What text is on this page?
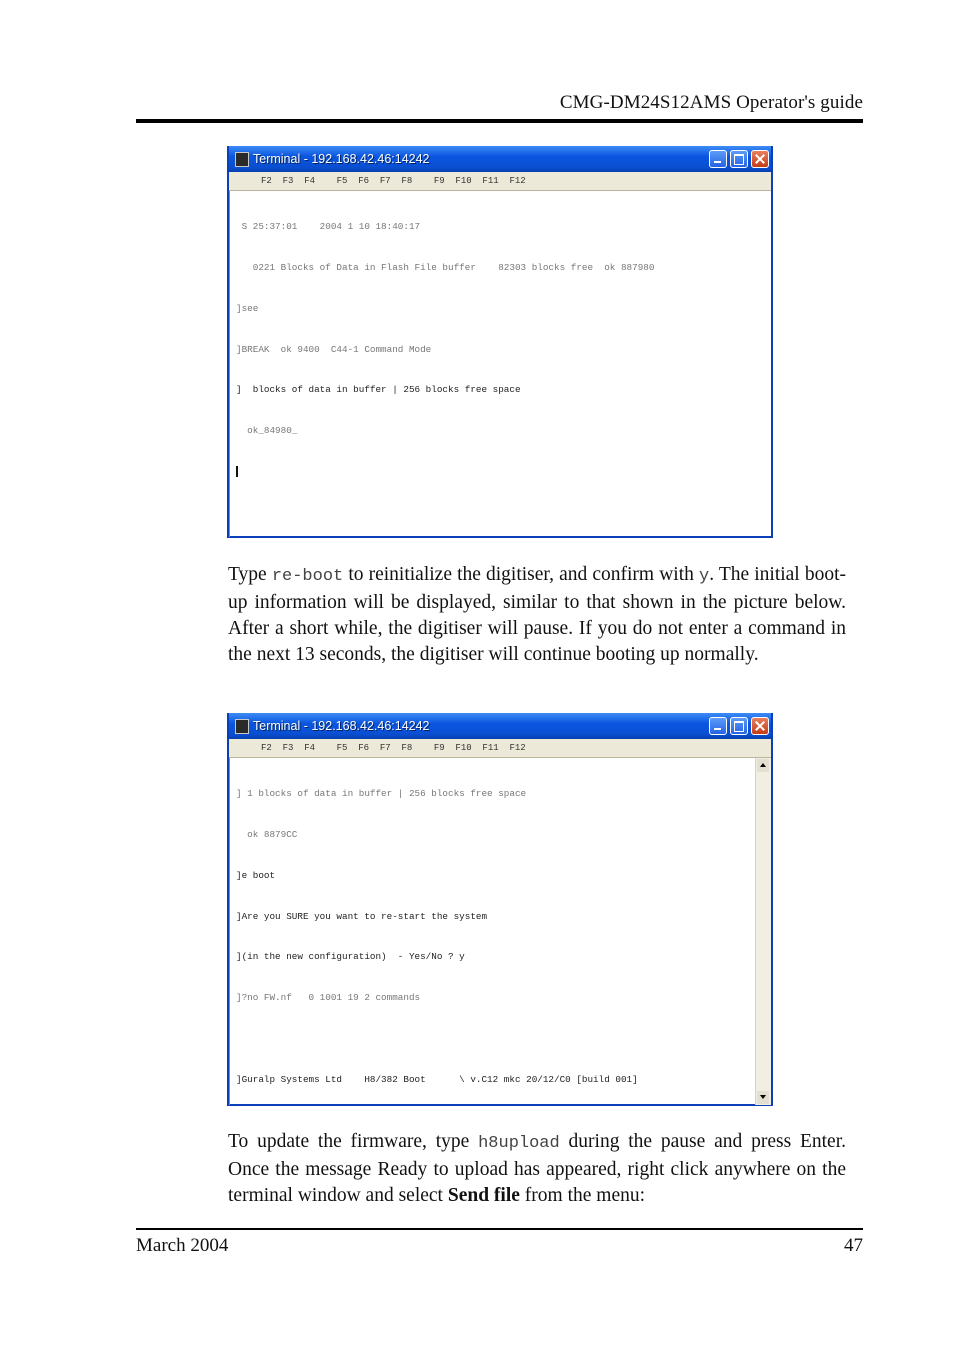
CMG-DM24S12AMS Operator's guide
Terminal - 192.168.42.46:14242
F2  F3  F4    F5  F6  F7  F8    F9  F10  F11  F12

S 25:37:01    2004 1 10 18:40:17

0221 Blocks of Data in Flash File buffer    82303 blocks free  ok 887980

]see

]BREAK  ok 9400  C44-1 Command Mode

]  blocks of data in buffer | 256 blocks free space

ok_84980_

Type re-boot to reinitialize the digitiser, and confirm with y. The initial boot-up information will be displayed, similar to that shown in the picture below. After a short while, the digitiser will pause. If you do not enter a command in the next 13 seconds, the digitiser will continue booting up normally.
Terminal - 192.168.42.46:14242
F2  F3  F4    F5  F6  F7  F8    F9  F10  F11  F12

] 1 blocks of data in buffer | 256 blocks free space

ok 8879CC

]e boot

]Are you SURE you want to re-start the system

](in the new configuration)  - Yes/No ? y

]?no FW.nf   0 1001 19 2 commands

]Guralp Systems Ltd    H8/382 Boot      \ v.C12 mkc 20/12/C0 [build 001]

To update the firmware, type h8upload during the pause and press Enter. Once the message Ready to upload has appeared, right click anywhere on the terminal window and select Send file from the menu:
March 2004	47
